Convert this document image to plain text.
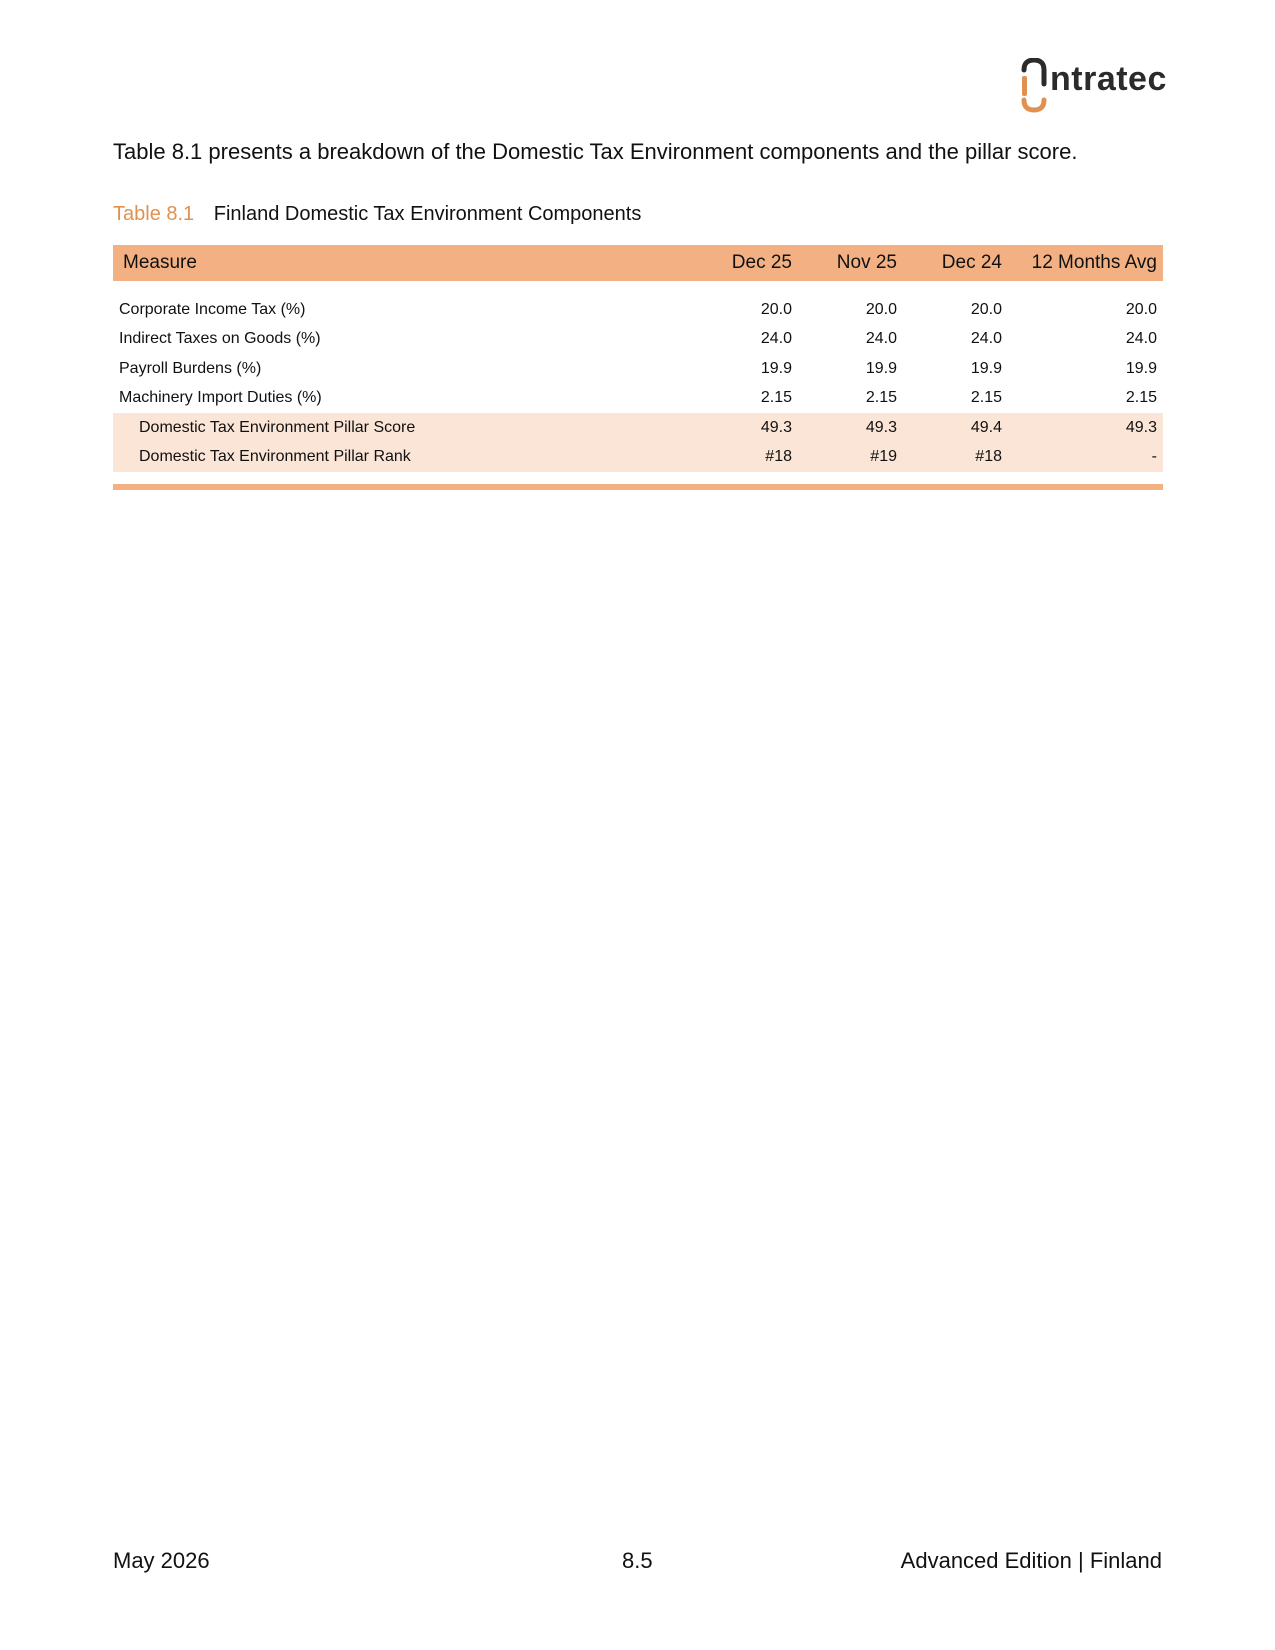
ntratec
Table 8.1 presents a breakdown of the Domestic Tax Environment components and the pillar score.
Table 8.1 Finland Domestic Tax Environment Components
Measure	Dec 25	Nov 25	Dec 24	12 Months Avg

Corporate Income Tax (%)	20.0	20.0	20.0	20.0
Indirect Taxes on Goods (%)	24.0	24.0	24.0	24.0
Payroll Burdens (%)	19.9	19.9	19.9	19.9
Machinery Import Duties (%)	2.15	2.15	2.15	2.15
Domestic Tax Environment Pillar Score	49.3	49.3	49.4	49.3
Domestic Tax Environment Pillar Rank	#18	#19	#18	-

May 2026	8.5	Advanced Edition | Finland
